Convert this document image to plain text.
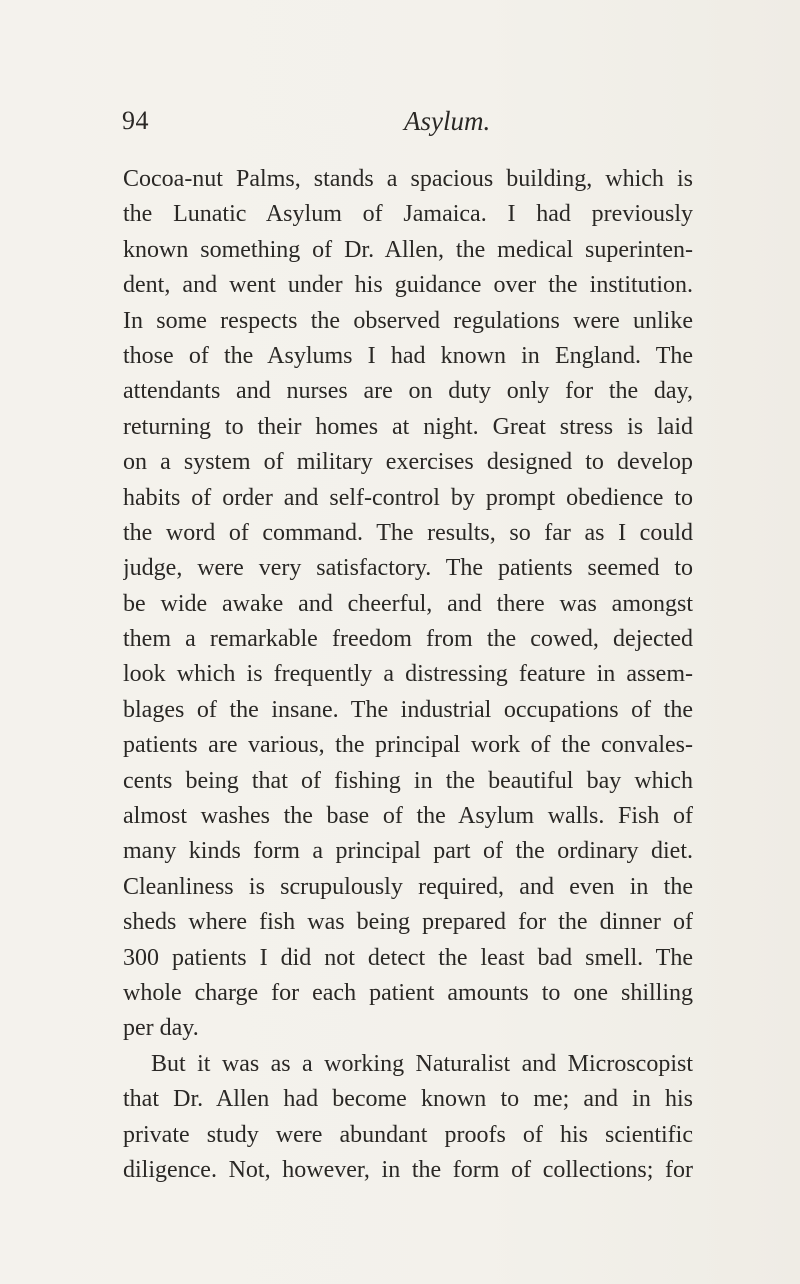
94	Asylum.
Cocoa-nut Palms, stands a spacious building, which is
the Lunatic Asylum of Jamaica. I had previously
known something of Dr. Allen, the medical superinten-
dent, and went under his guidance over the institution.
In some respects the observed regulations were unlike
those of the Asylums I had known in England. The
attendants and nurses are on duty only for the day,
returning to their homes at night. Great stress is laid
on a system of military exercises designed to develop
habits of order and self-control by prompt obedience to
the word of command. The results, so far as I could
judge, were very satisfactory. The patients seemed to
be wide awake and cheerful, and there was amongst
them a remarkable freedom from the cowed, dejected
look which is frequently a distressing feature in assem-
blages of the insane. The industrial occupations of the
patients are various, the principal work of the convales-
cents being that of fishing in the beautiful bay which
almost washes the base of the Asylum walls. Fish of
many kinds form a principal part of the ordinary diet.
Cleanliness is scrupulously required, and even in the
sheds where fish was being prepared for the dinner of
300 patients I did not detect the least bad smell. The
whole charge for each patient amounts to one shilling
per day.
But it was as a working Naturalist and Microscopist
that Dr. Allen had become known to me; and in his
private study were abundant proofs of his scientific
diligence. Not, however, in the form of collections; for
